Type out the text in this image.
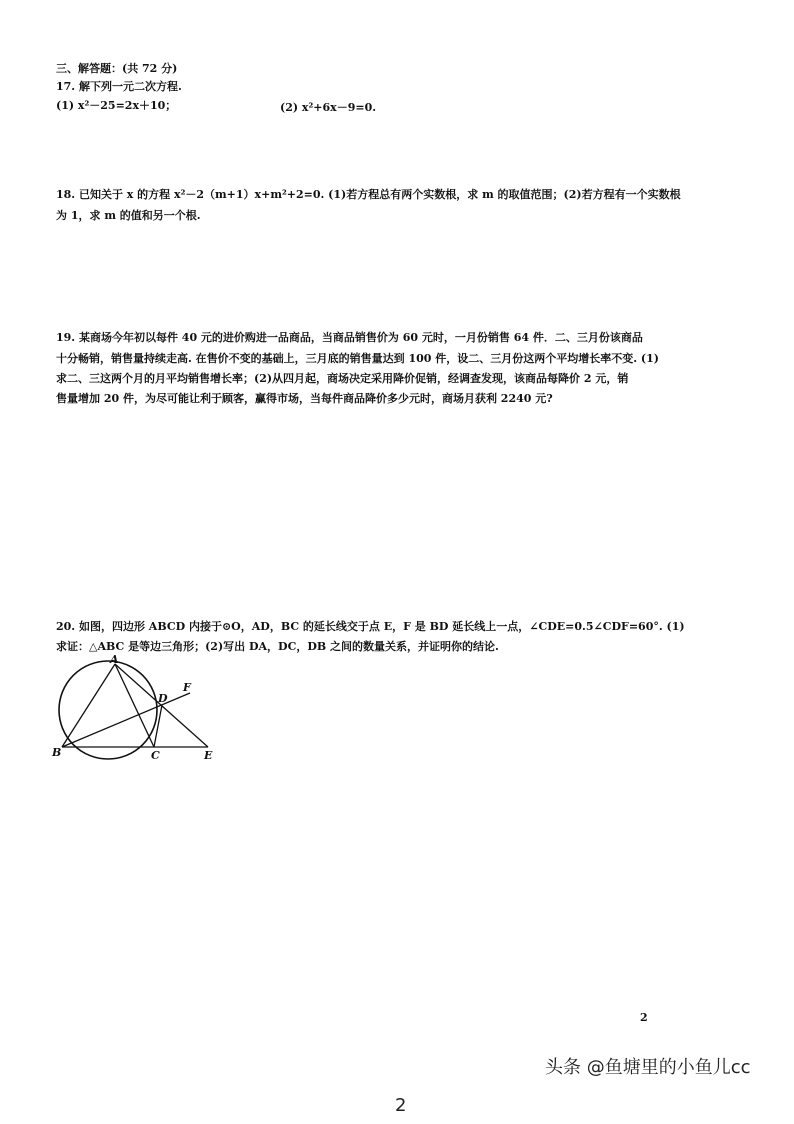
三、解答题：(共 72 分)
17. 解下列一元二次方程.
(1) x²－25=2x＋10；	(2) x²+6x－9=0.
18. 已知关于 x 的方程 x²－2（m+1）x+m²+2=0. (1)若方程总有两个实数根，求 m 的取值范围；(2)若方程有一个实数根
为 1，求 m 的值和另一个根.
19. 某商场今年初以每件 40 元的进价购进一品商品，当商品销售价为 60 元时，一月份销售 64 件．二、三月份该商品
十分畅销，销售量持续走高. 在售价不变的基础上，三月底的销售量达到 100 件，设二、三月份这两个平均增长率不变. (1)
求二、三这两个月的月平均销售增长率；(2)从四月起，商场决定采用降价促销，经调查发现，该商品每降价 2 元，销
售量增加 20 件，为尽可能让利于顾客，赢得市场，当每件商品降价多少元时，商场月获利 2240 元?
20. 如图，四边形 ABCD 内接于⊙O，AD，BC 的延长线交于点 E，F 是 BD 延长线上一点，∠CDE=0.5∠CDF=60°. (1)
求证：△ABC 是等边三角形；(2)写出 DA，DC，DB 之间的数量关系，并证明你的结论.
A
B	C
D
E
F
2
头条 @鱼塘里的小鱼儿cc
2
